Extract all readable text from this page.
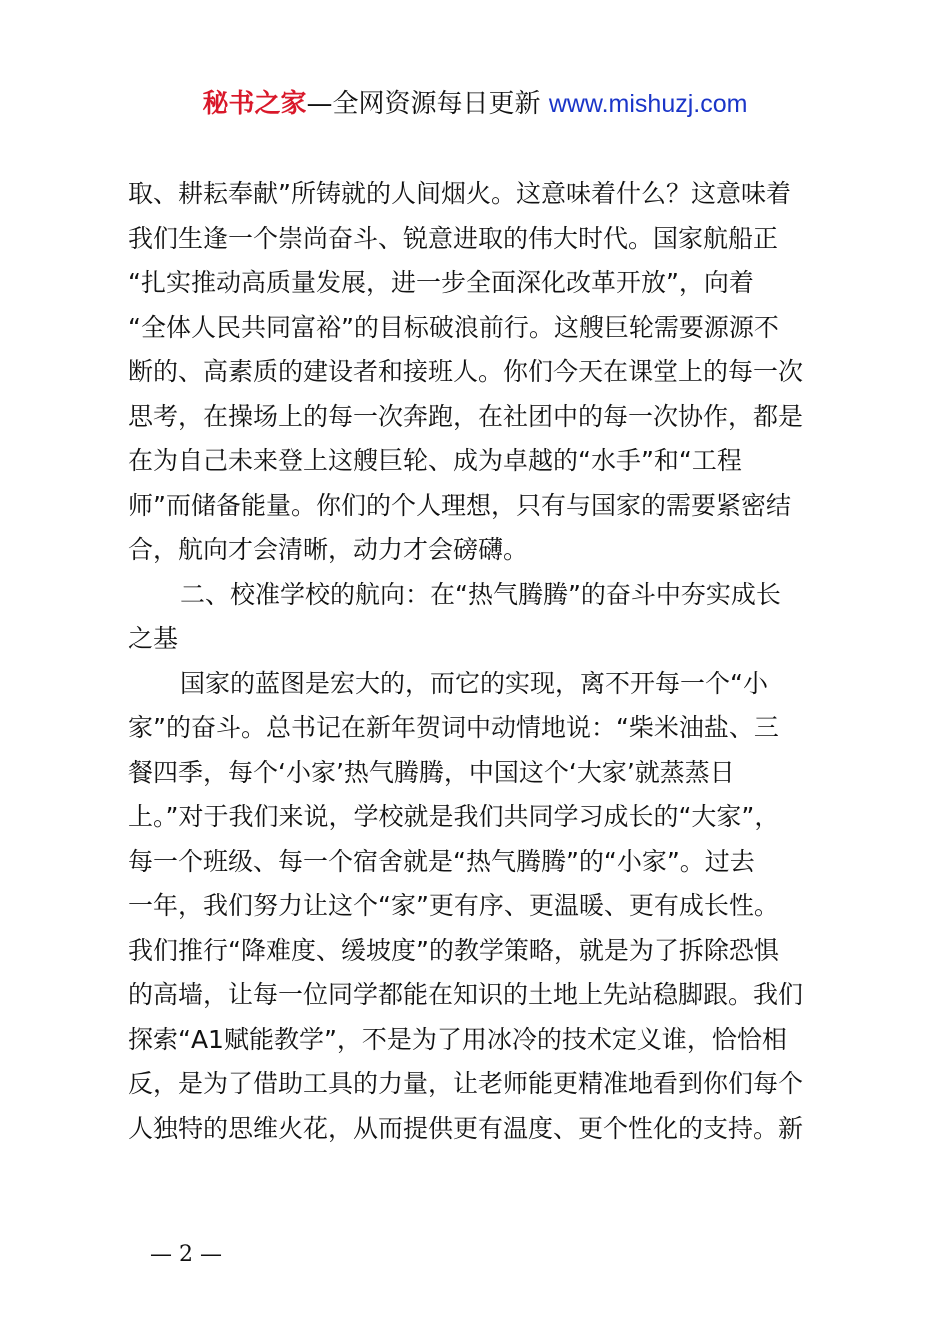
秘书之家—全网资源每日更新 www.mishuzj.com
取、耕耘奉献”所铸就的人间烟火。这意味着什么？这意味着
我们生逢一个崇尚奋斗、锐意进取的伟大时代。国家航船正
“扎实推动高质量发展，进一步全面深化改革开放”，向着
“全体人民共同富裕”的目标破浪前行。这艘巨轮需要源源不
断的、高素质的建设者和接班人。你们今天在课堂上的每一次
思考，在操场上的每一次奔跑，在社团中的每一次协作，都是
在为自己未来登上这艘巨轮、成为卓越的“水手”和“工程
师”而储备能量。你们的个人理想，只有与国家的需要紧密结
合，航向才会清晰，动力才会磅礴。
二、校准学校的航向：在“热气腾腾”的奋斗中夯实成长
之基
国家的蓝图是宏大的，而它的实现，离不开每一个“小
家”的奋斗。总书记在新年贺词中动情地说：“柴米油盐、三
餐四季，每个‘小家’热气腾腾，中国这个‘大家’就蒸蒸日
上。”对于我们来说，学校就是我们共同学习成长的“大家”，
每一个班级、每一个宿舍就是“热气腾腾”的“小家”。过去
一年，我们努力让这个“家”更有序、更温暖、更有成长性。
我们推行“降难度、缓坡度”的教学策略，就是为了拆除恐惧
的高墙，让每一位同学都能在知识的土地上先站稳脚跟。我们
探索“A1赋能教学”，不是为了用冰冷的技术定义谁，恰恰相
反，是为了借助工具的力量，让老师能更精准地看到你们每个
人独特的思维火花，从而提供更有温度、更个性化的支持。新
— 2 —
